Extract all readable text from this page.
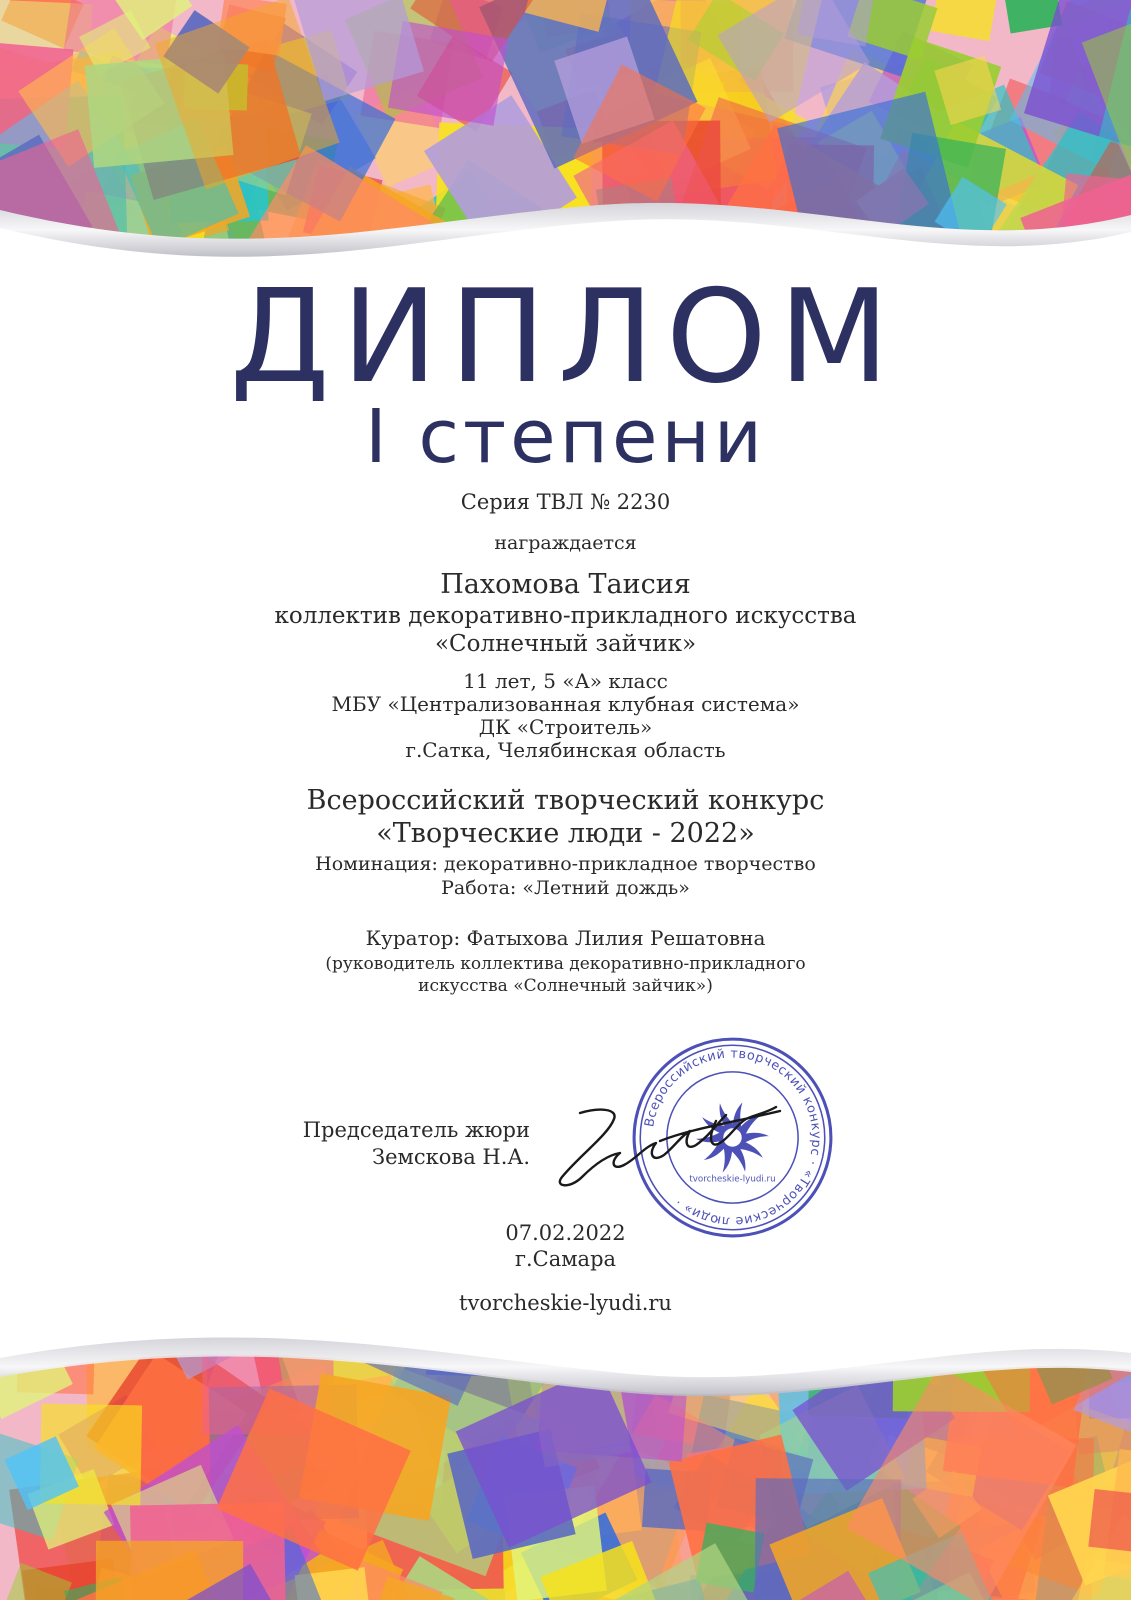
ДИПЛОМ
I степени
Серия ТВЛ № 2230
награждается
Пахомова Таисия
коллектив декоративно-прикладного искусства
«Солнечный зайчик»
11 лет, 5 «А» класс
МБУ «Централизованная клубная система»
ДК «Строитель»
г.Сатка, Челябинская область
Всероссийский творческий конкурс
«Творческие люди - 2022»
Номинация: декоративно-прикладное творчество
Работа: «Летний дождь»
Куратор: Фатыхова Лилия Решатовна
(руководитель коллектива декоративно-прикладного
искусства «Солнечный зайчик»)
Председатель жюри
Земскова Н.А.
Всероссийский творческий конкурс · «Творческие люди» ·
tvorcheskie-lyudi.ru
07.02.2022
г.Самара
tvorcheskie-lyudi.ru
